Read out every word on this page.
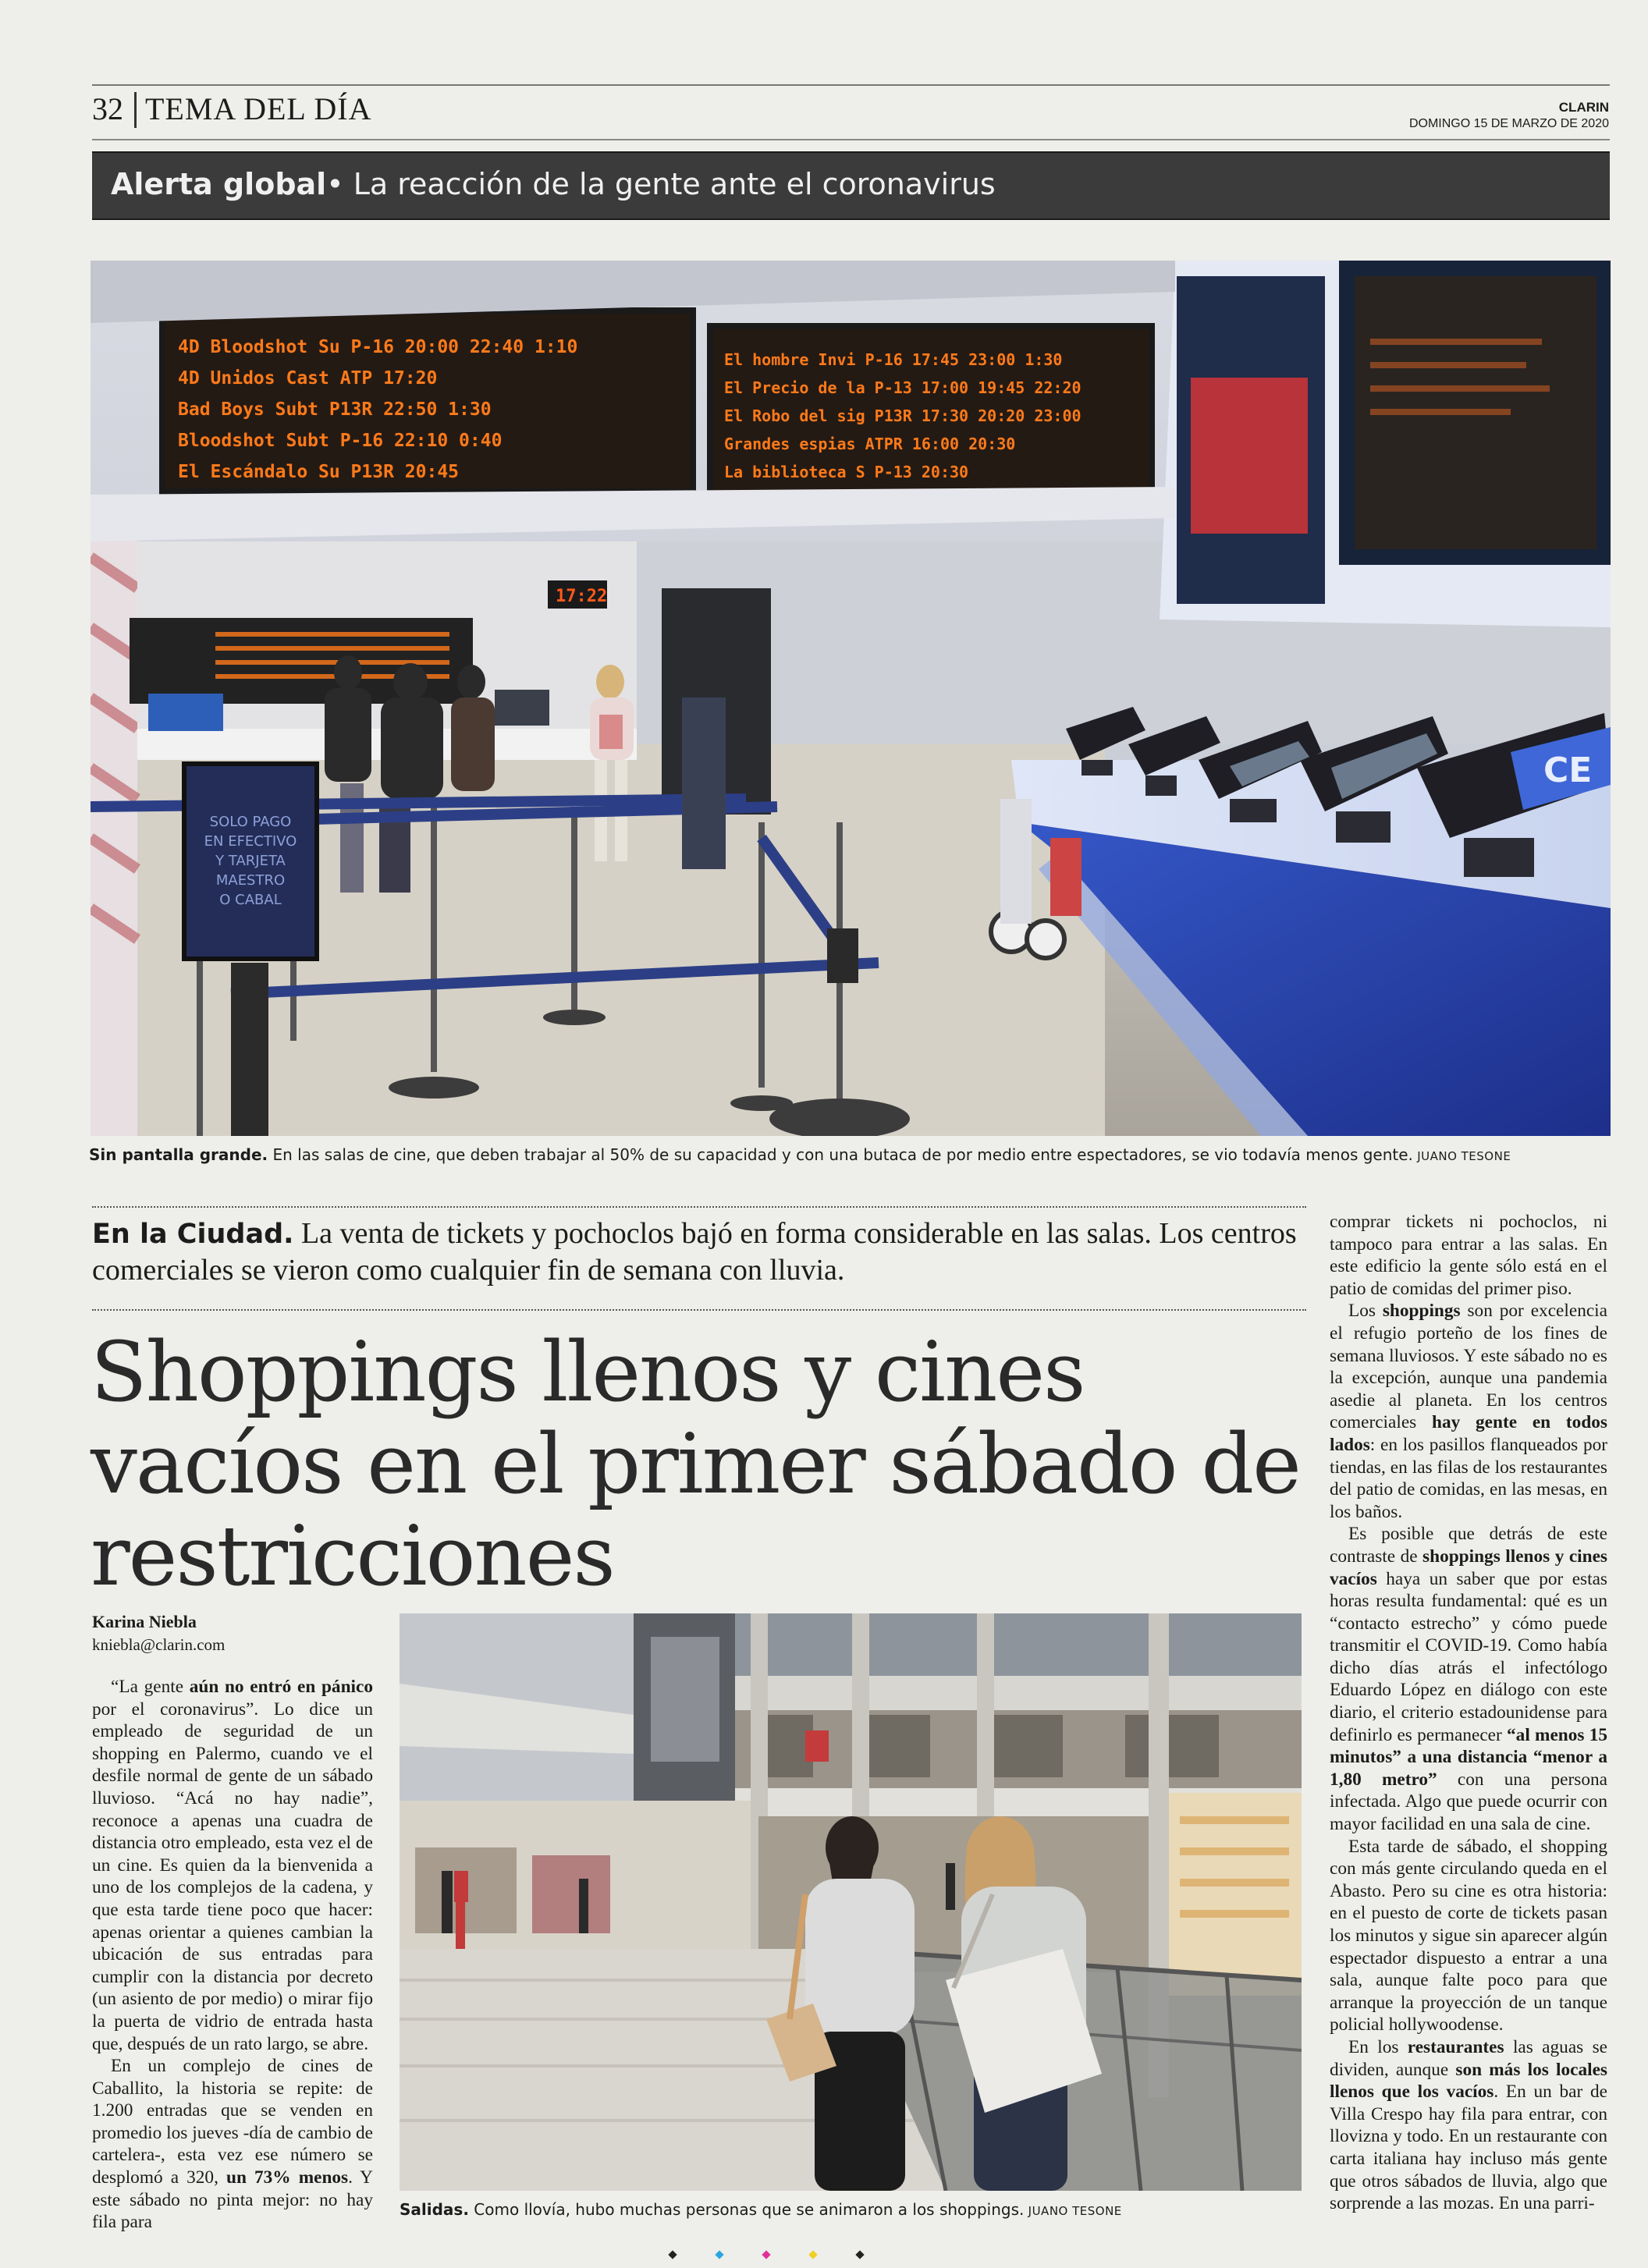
32 TEMA DEL DÍA	CLARIN
DOMINGO 15 DE MARZO DE 2020
Alerta global• La reacción de la gente ante el coronavirus
4D Bloodshot Su P-16 20:00 22:40 1:10
4D Unidos Cast ATP 17:20
Bad Boys Subt P13R 22:50 1:30
Bloodshot Subt P-16 22:10 0:40
El Escándalo Su P13R 20:45
El hombre Invi P-16 17:45 23:00 1:30
El Precio de la P-13 17:00 19:45 22:20
El Robo del sig P13R 17:30 20:20 23:00
Grandes espias ATPR 16:00 20:30
La biblioteca S P-13 20:30
17:22
SOLO PAGO
EN EFECTIVO
Y TARJETA
MAESTRO
O CABAL
CE
Sin pantalla grande. En las salas de cine, que deben trabajar al 50% de su capacidad y con una butaca de por medio entre espectadores, se vio todavía menos gente. JUANO TESONE
En la Ciudad. La venta de tickets y pochoclos bajó en forma considerable en las salas. Los centros comerciales se vieron como cualquier fin de semana con lluvia.
Shoppings llenos y cines vacíos en el primer sábado de restricciones
Karina Niebla
kniebla@clarin.com

“La gente aún no entró en pánico por el coronavirus”. Lo dice un empleado de seguridad de un shopping en Palermo, cuando ve el desfile normal de gente de un sábado lluvioso. “Acá no hay nadie”, reconoce a apenas una cuadra de distancia otro empleado, esta vez el de un cine. Es quien da la bienvenida a uno de los complejos de la cadena, y que esta tarde tiene poco que hacer: apenas orientar a quienes cambian la ubicación de sus entradas para cumplir con la distancia por decreto (un asiento de por medio) o mirar fijo la puerta de vidrio de entrada hasta que, después de un rato largo, se abre.

En un complejo de cines de Caballito, la historia se repite: de 1.200 entradas que se venden en promedio los jueves -día de cambio de cartelera-, esta vez ese número se desplomó a 320, un 73% menos. Y este sábado no pinta mejor: no hay fila para

Salidas. Como llovía, hubo muchas personas que se animaron a los shoppings. JUANO TESONE

comprar tickets ni pochoclos, ni tampoco para entrar a las salas. En este edificio la gente sólo está en el patio de comidas del primer piso.

Los shoppings son por excelencia el refugio porteño de los fines de semana lluviosos. Y este sábado no es la excepción, aunque una pandemia asedie al planeta. En los centros comerciales hay gente en todos lados: en los pasillos flanqueados por tiendas, en las filas de los restaurantes del patio de comidas, en las mesas, en los baños.

Es posible que detrás de este contraste de shoppings llenos y cines vacíos haya un saber que por estas horas resulta fundamental: qué es un “contacto estrecho” y cómo puede transmitir el COVID-19. Como había dicho días atrás el infectólogo Eduardo López en diálogo con este diario, el criterio estadounidense para definirlo es permanecer “al menos 15 minutos” a una distancia “menor a 1,80 metro” con una persona infectada. Algo que puede ocurrir con mayor facilidad en una sala de cine.

Esta tarde de sábado, el shopping con más gente circulando queda en el Abasto. Pero su cine es otra historia: en el puesto de corte de tickets pasan los minutos y sigue sin aparecer algún espectador dispuesto a entrar a una sala, aunque falte poco para que arranque la proyección de un tanque policial hollywoodense.

En los restaurantes las aguas se dividen, aunque son más los locales llenos que los vacíos. En un bar de Villa Crespo hay fila para entrar, con llovizna y todo. En un restaurante con carta italiana hay incluso más gente que otros sábados de lluvia, algo que sorprende a las mozas. En una parri-
